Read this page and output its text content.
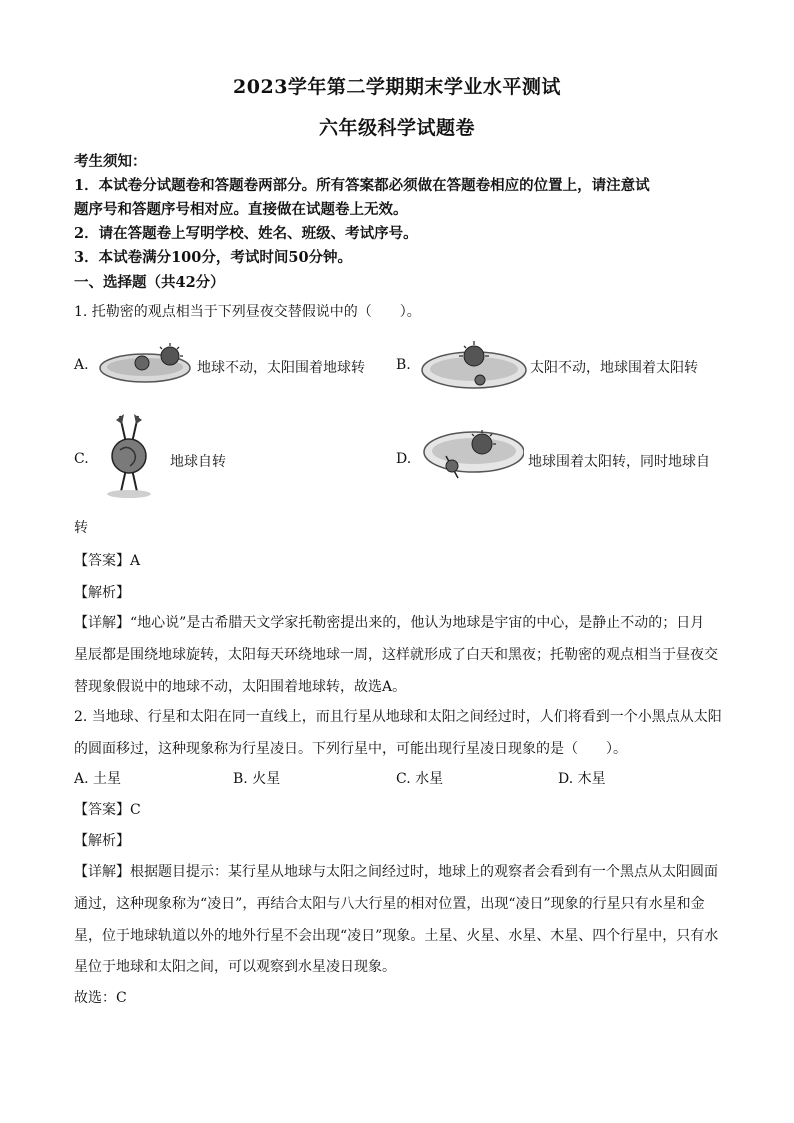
2023学年第二学期期末学业水平测试
六年级科学试题卷
考生须知：
1．本试卷分试题卷和答题卷两部分。所有答案都必须做在答题卷相应的位置上，请注意试
题序号和答题序号相对应。直接做在试题卷上无效。
2．请在答题卷上写明学校、姓名、班级、考试序号。
3．本试卷满分100分，考试时间50分钟。
一、选择题（共42分）
1. 托勒密的观点相当于下列昼夜交替假说中的（　　）。
A.	地球不动，太阳围着地球转 B.	太阳不动，地球围着太阳转
C.	地球自转	D.	地球围着太阳转，同时地球自
转
【答案】A
【解析】
【详解】“地心说”是古希腊天文学家托勒密提出来的，他认为地球是宇宙的中心，是静止不动的；日月
星辰都是围绕地球旋转，太阳每天环绕地球一周，这样就形成了白天和黑夜；托勒密的观点相当于昼夜交
替现象假说中的地球不动，太阳围着地球转，故选A。
2. 当地球、行星和太阳在同一直线上，而且行星从地球和太阳之间经过时，人们将看到一个小黑点从太阳
的圆面移过，这种现象称为行星凌日。下列行星中，可能出现行星凌日现象的是（　　）。
A. 土星	B. 火星	C. 水星	D. 木星
【答案】C
【解析】
【详解】根据题目提示：某行星从地球与太阳之间经过时，地球上的观察者会看到有一个黑点从太阳圆面
通过，这种现象称为“凌日”，再结合太阳与八大行星的相对位置，出现“凌日”现象的行星只有水星和金
星，位于地球轨道以外的地外行星不会出现“凌日”现象。土星、火星、水星、木星、四个行星中，只有水
星位于地球和太阳之间，可以观察到水星凌日现象。
故选：C
